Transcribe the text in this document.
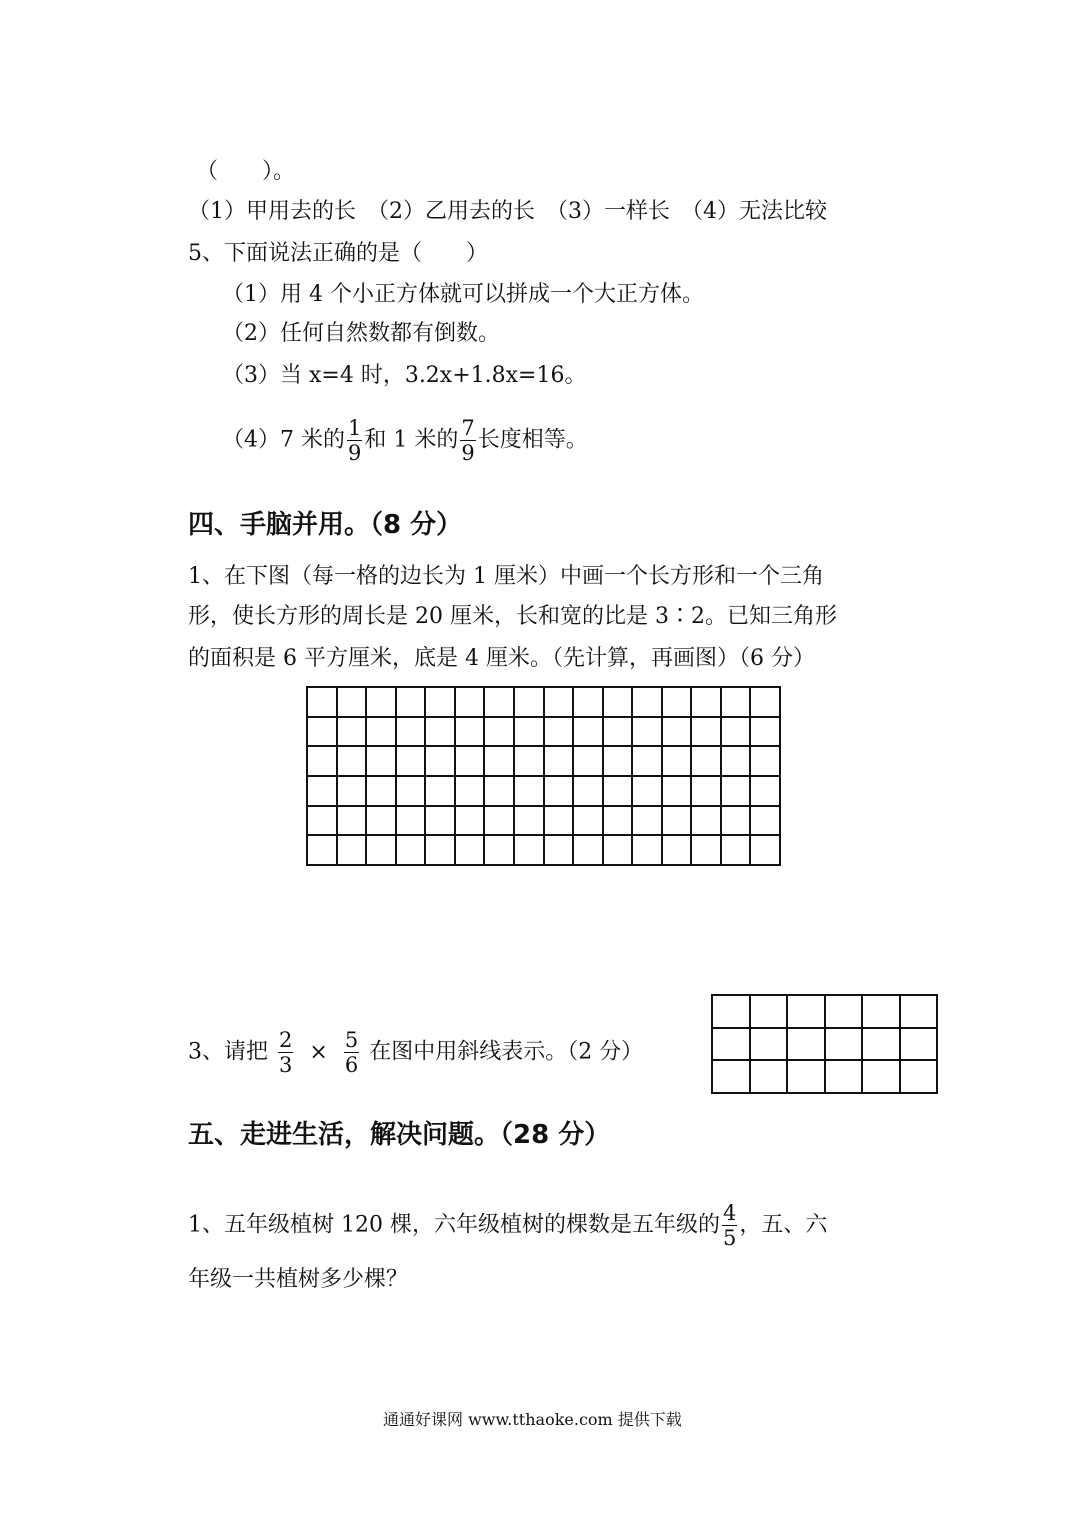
（　　）。
（1）甲用去的长　（2）乙用去的长　（3）一样长　（4）无法比较
5、下面说法正确的是（　　）
（1）用 4 个小正方体就可以拼成一个大正方体。
（2）任何自然数都有倒数。
（3）当 x=4 时，3.2x+1.8x=16。
（4）7 米的 $\frac{1}{9}$ 和 1 米的 $\frac{7}{9}$ 长度相等。
四、手脑并用。（8 分）
1、在下图（每一格的边长为 1 厘米）中画一个长方形和一个三角
形，使长方形的周长是 20 厘米，长和宽的比是 3∶2。已知三角形
的面积是 6 平方厘米，底是 4 厘米。（先计算，再画图）（6 分）
3、请把 $\frac{2}{3} \times \frac{5}{6}$ 在图中用斜线表示。（2 分）
五、走进生活，解决问题。（28 分）
1、五年级植树 120 棵，六年级植树的棵数是五年级的 $\frac{4}{5}$ ，五、六
年级一共植树多少棵？
通通好课网 www.tthaoke.com 提供下载
